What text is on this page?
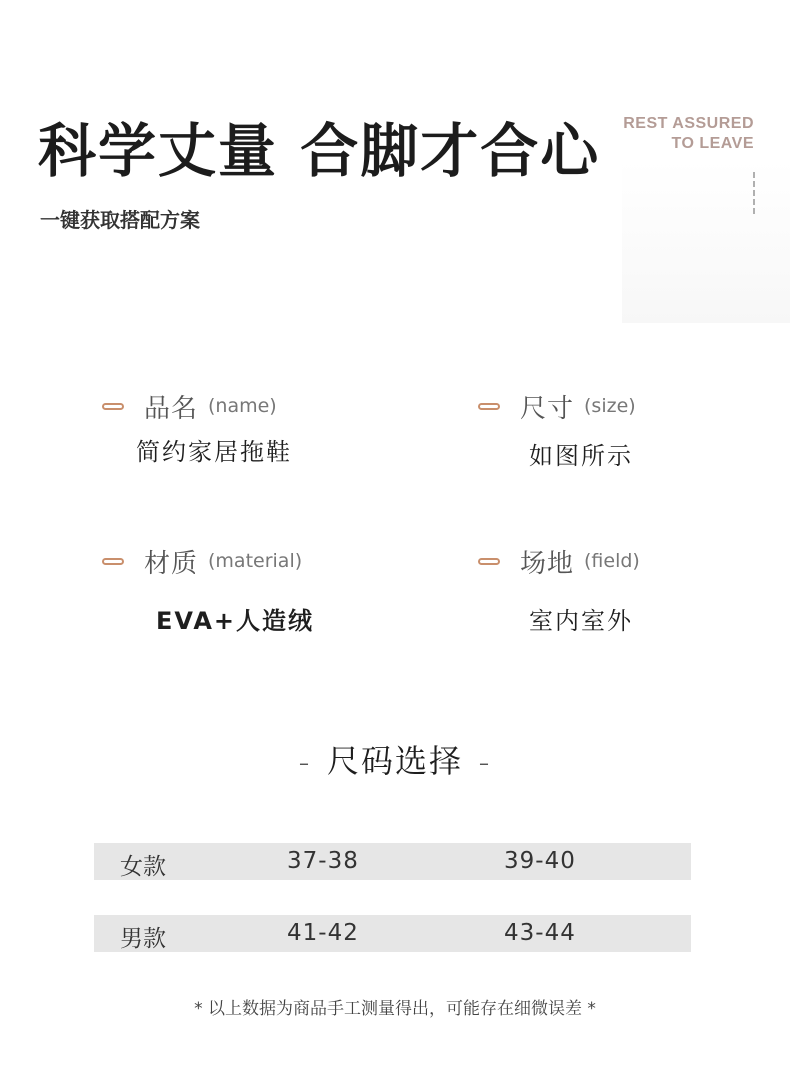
科学丈量 合脚才合心

一键获取搭配方案

REST ASSURED
TO LEAVE
品名 (name)
简约家居拖鞋
尺寸 (size)
如图所示
材质 (material)
EVA+人造绒
场地 (field)
室内室外
– 尺码选择 –
女款	37-38	39-40
男款	41-42	43-44
* 以上数据为商品手工测量得出，可能存在细微误差 *
